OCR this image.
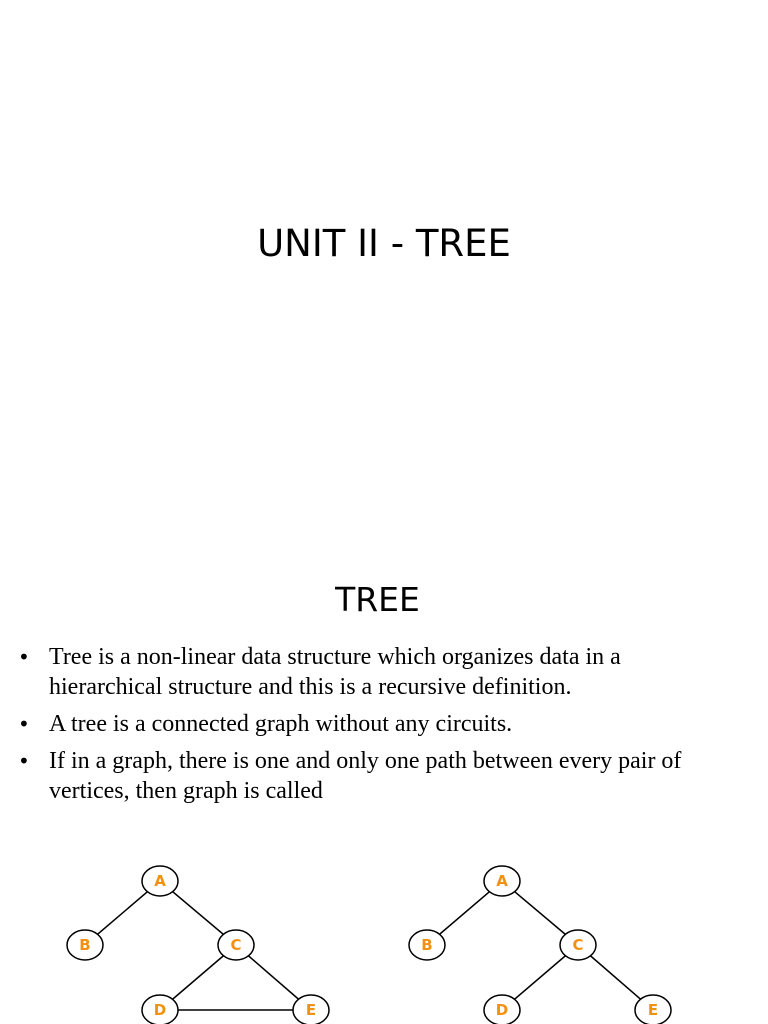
UNIT II - TREE
TREE
• Tree is a non-linear data structure which organizes data in a hierarchical structure and this is a recursive definition.
• A tree is a connected graph without any circuits.
• If in a graph, there is one and only one path between every pair of vertices, then graph is called
A
B	C
D	E
A
B	C
D	E
